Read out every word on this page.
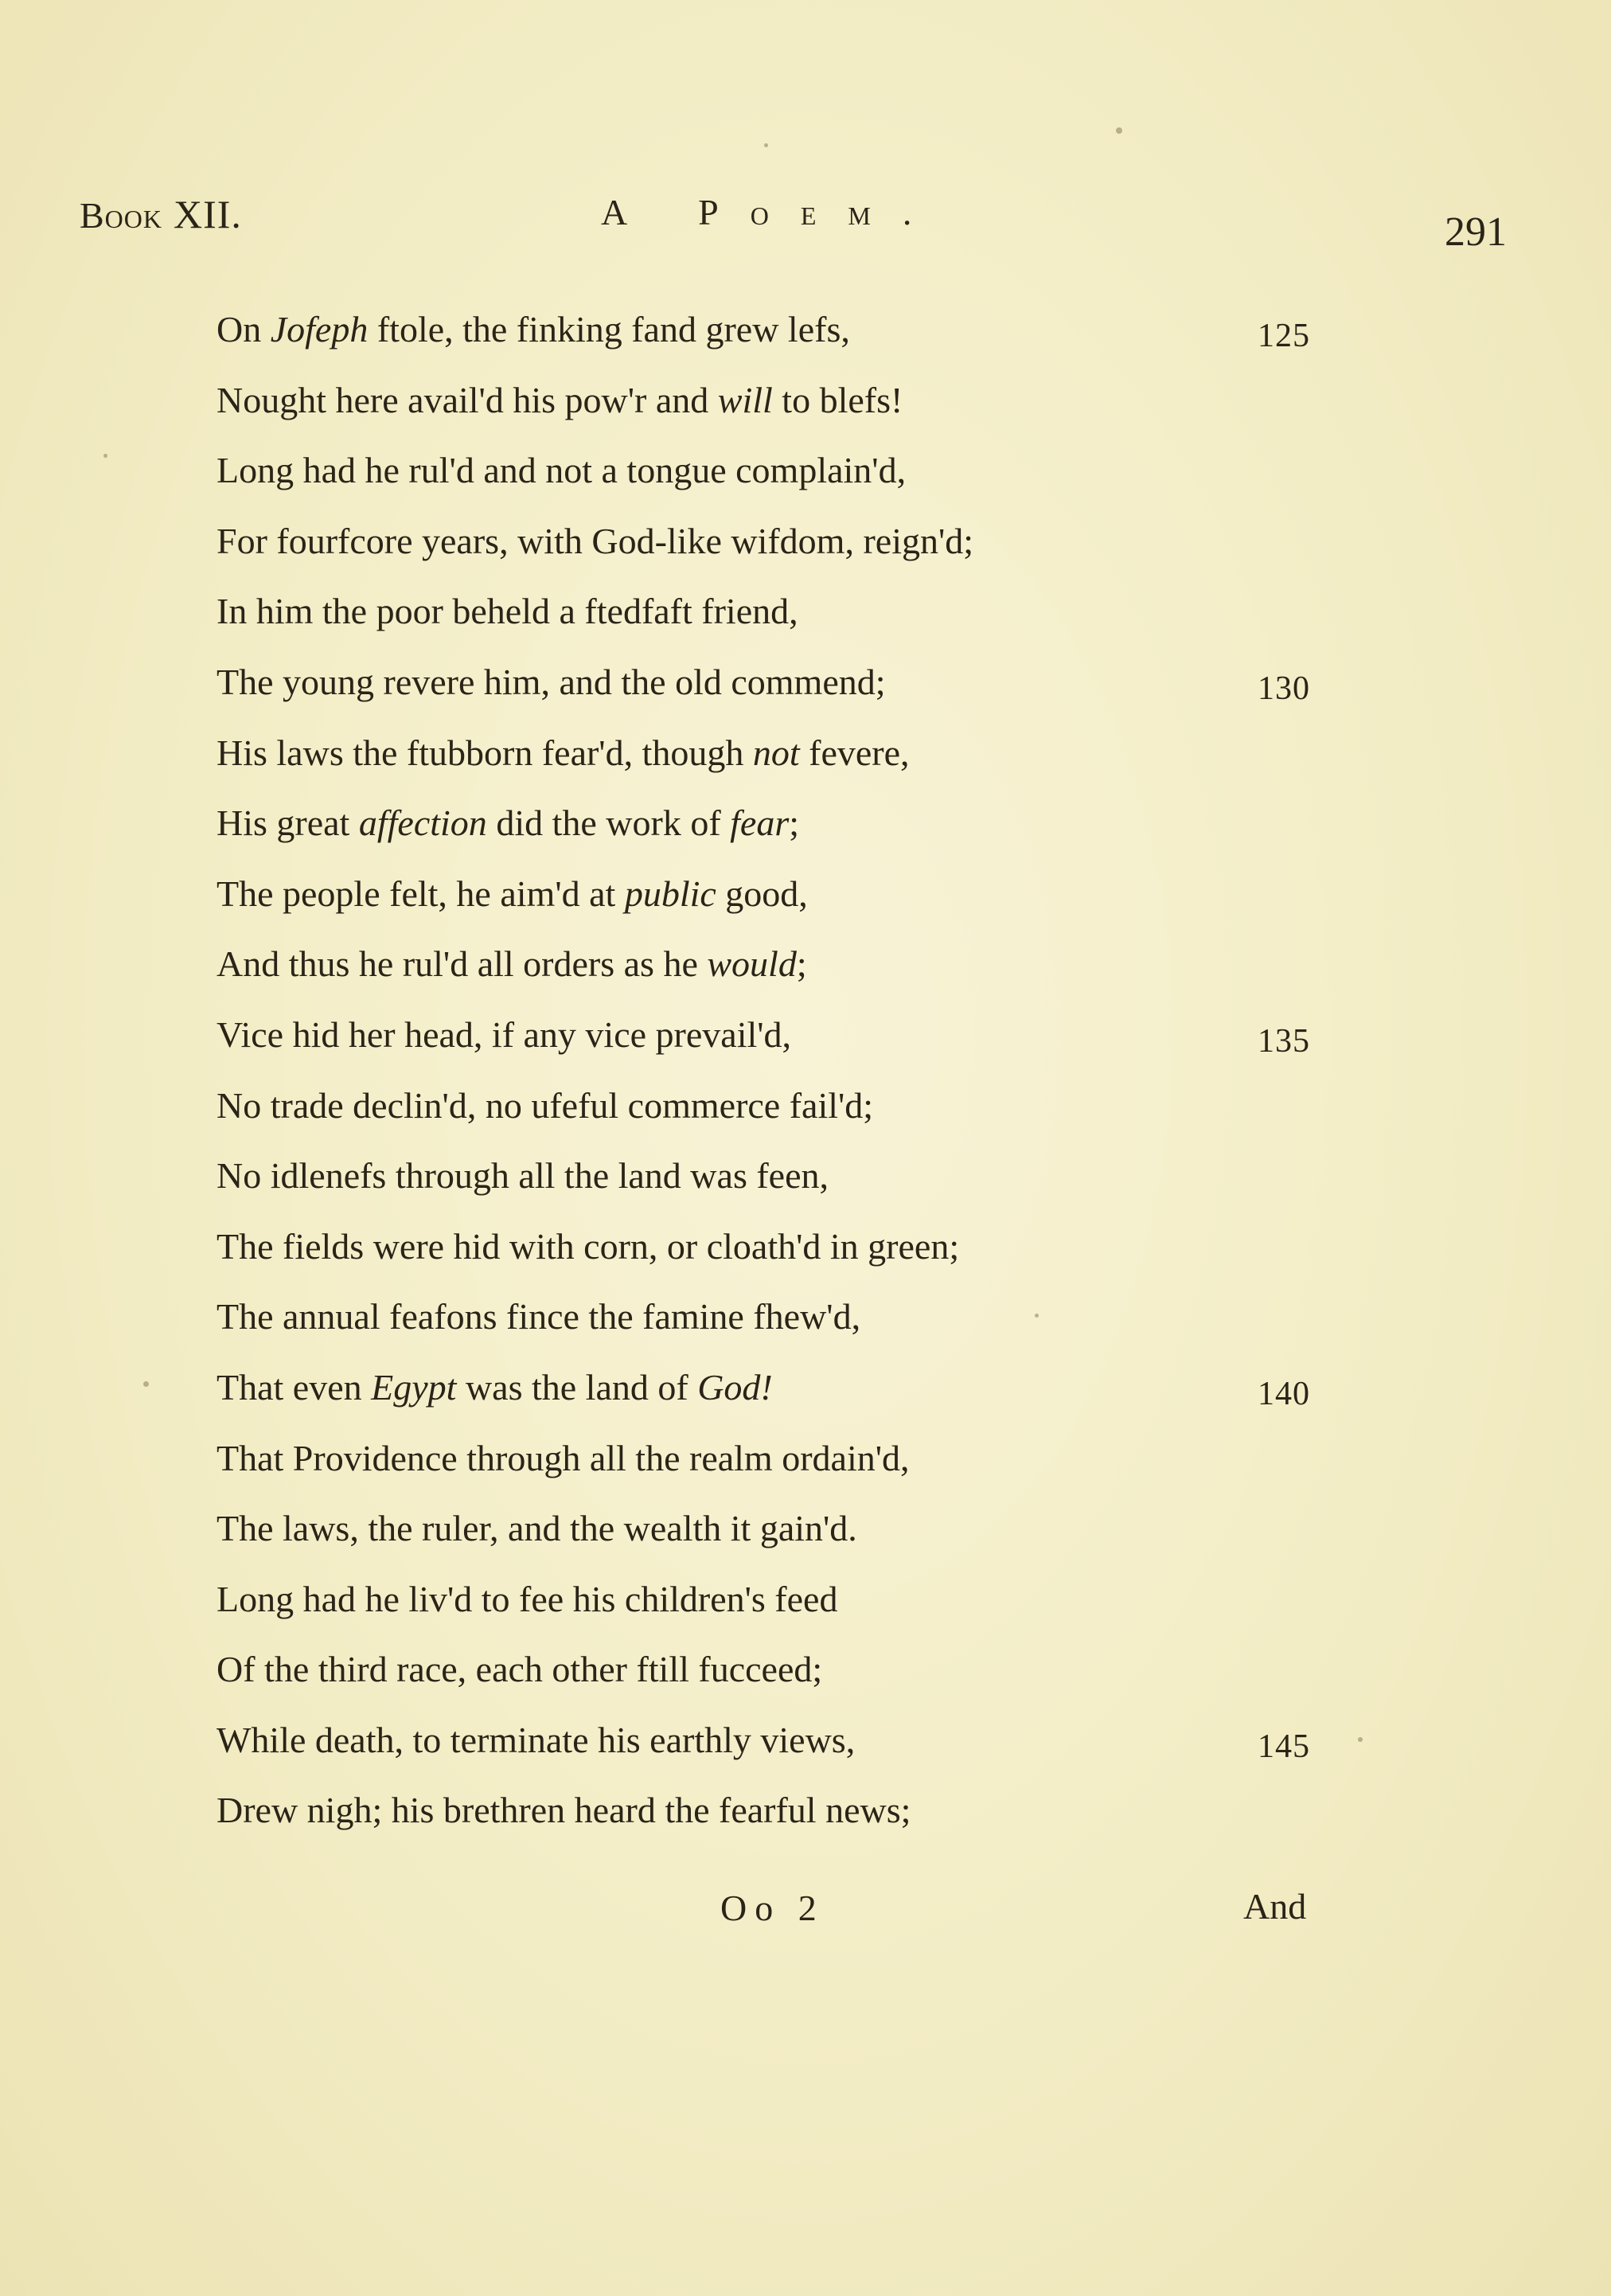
Book XII.	A Poem.	291
On Jofeph ftole, the finking fand grew lefs,	125
Nought here avail'd his pow'r and will to blefs!
Long had he rul'd and not a tongue complain'd,
For fourfcore years, with God-like wifdom, reign'd;
In him the poor beheld a ftedfaft friend,
The young revere him, and the old commend;	130
His laws the ftubborn fear'd, though not fevere,
His great affection did the work of fear;
The people felt, he aim'd at public good,
And thus he rul'd all orders as he would;
Vice hid her head, if any vice prevail'd,	135
No trade declin'd, no ufeful commerce fail'd;
No idlenefs through all the land was feen,
The fields were hid with corn, or cloath'd in green;
The annual feafons fince the famine fhew'd,
That even Egypt was the land of God!	140
That Providence through all the realm ordain'd,
The laws, the ruler, and the wealth it gain'd.
Long had he liv'd to fee his children's feed
Of the third race, each other ftill fucceed;
While death, to terminate his earthly views,	145
Drew nigh; his brethren heard the fearful news;
Oo 2	And
